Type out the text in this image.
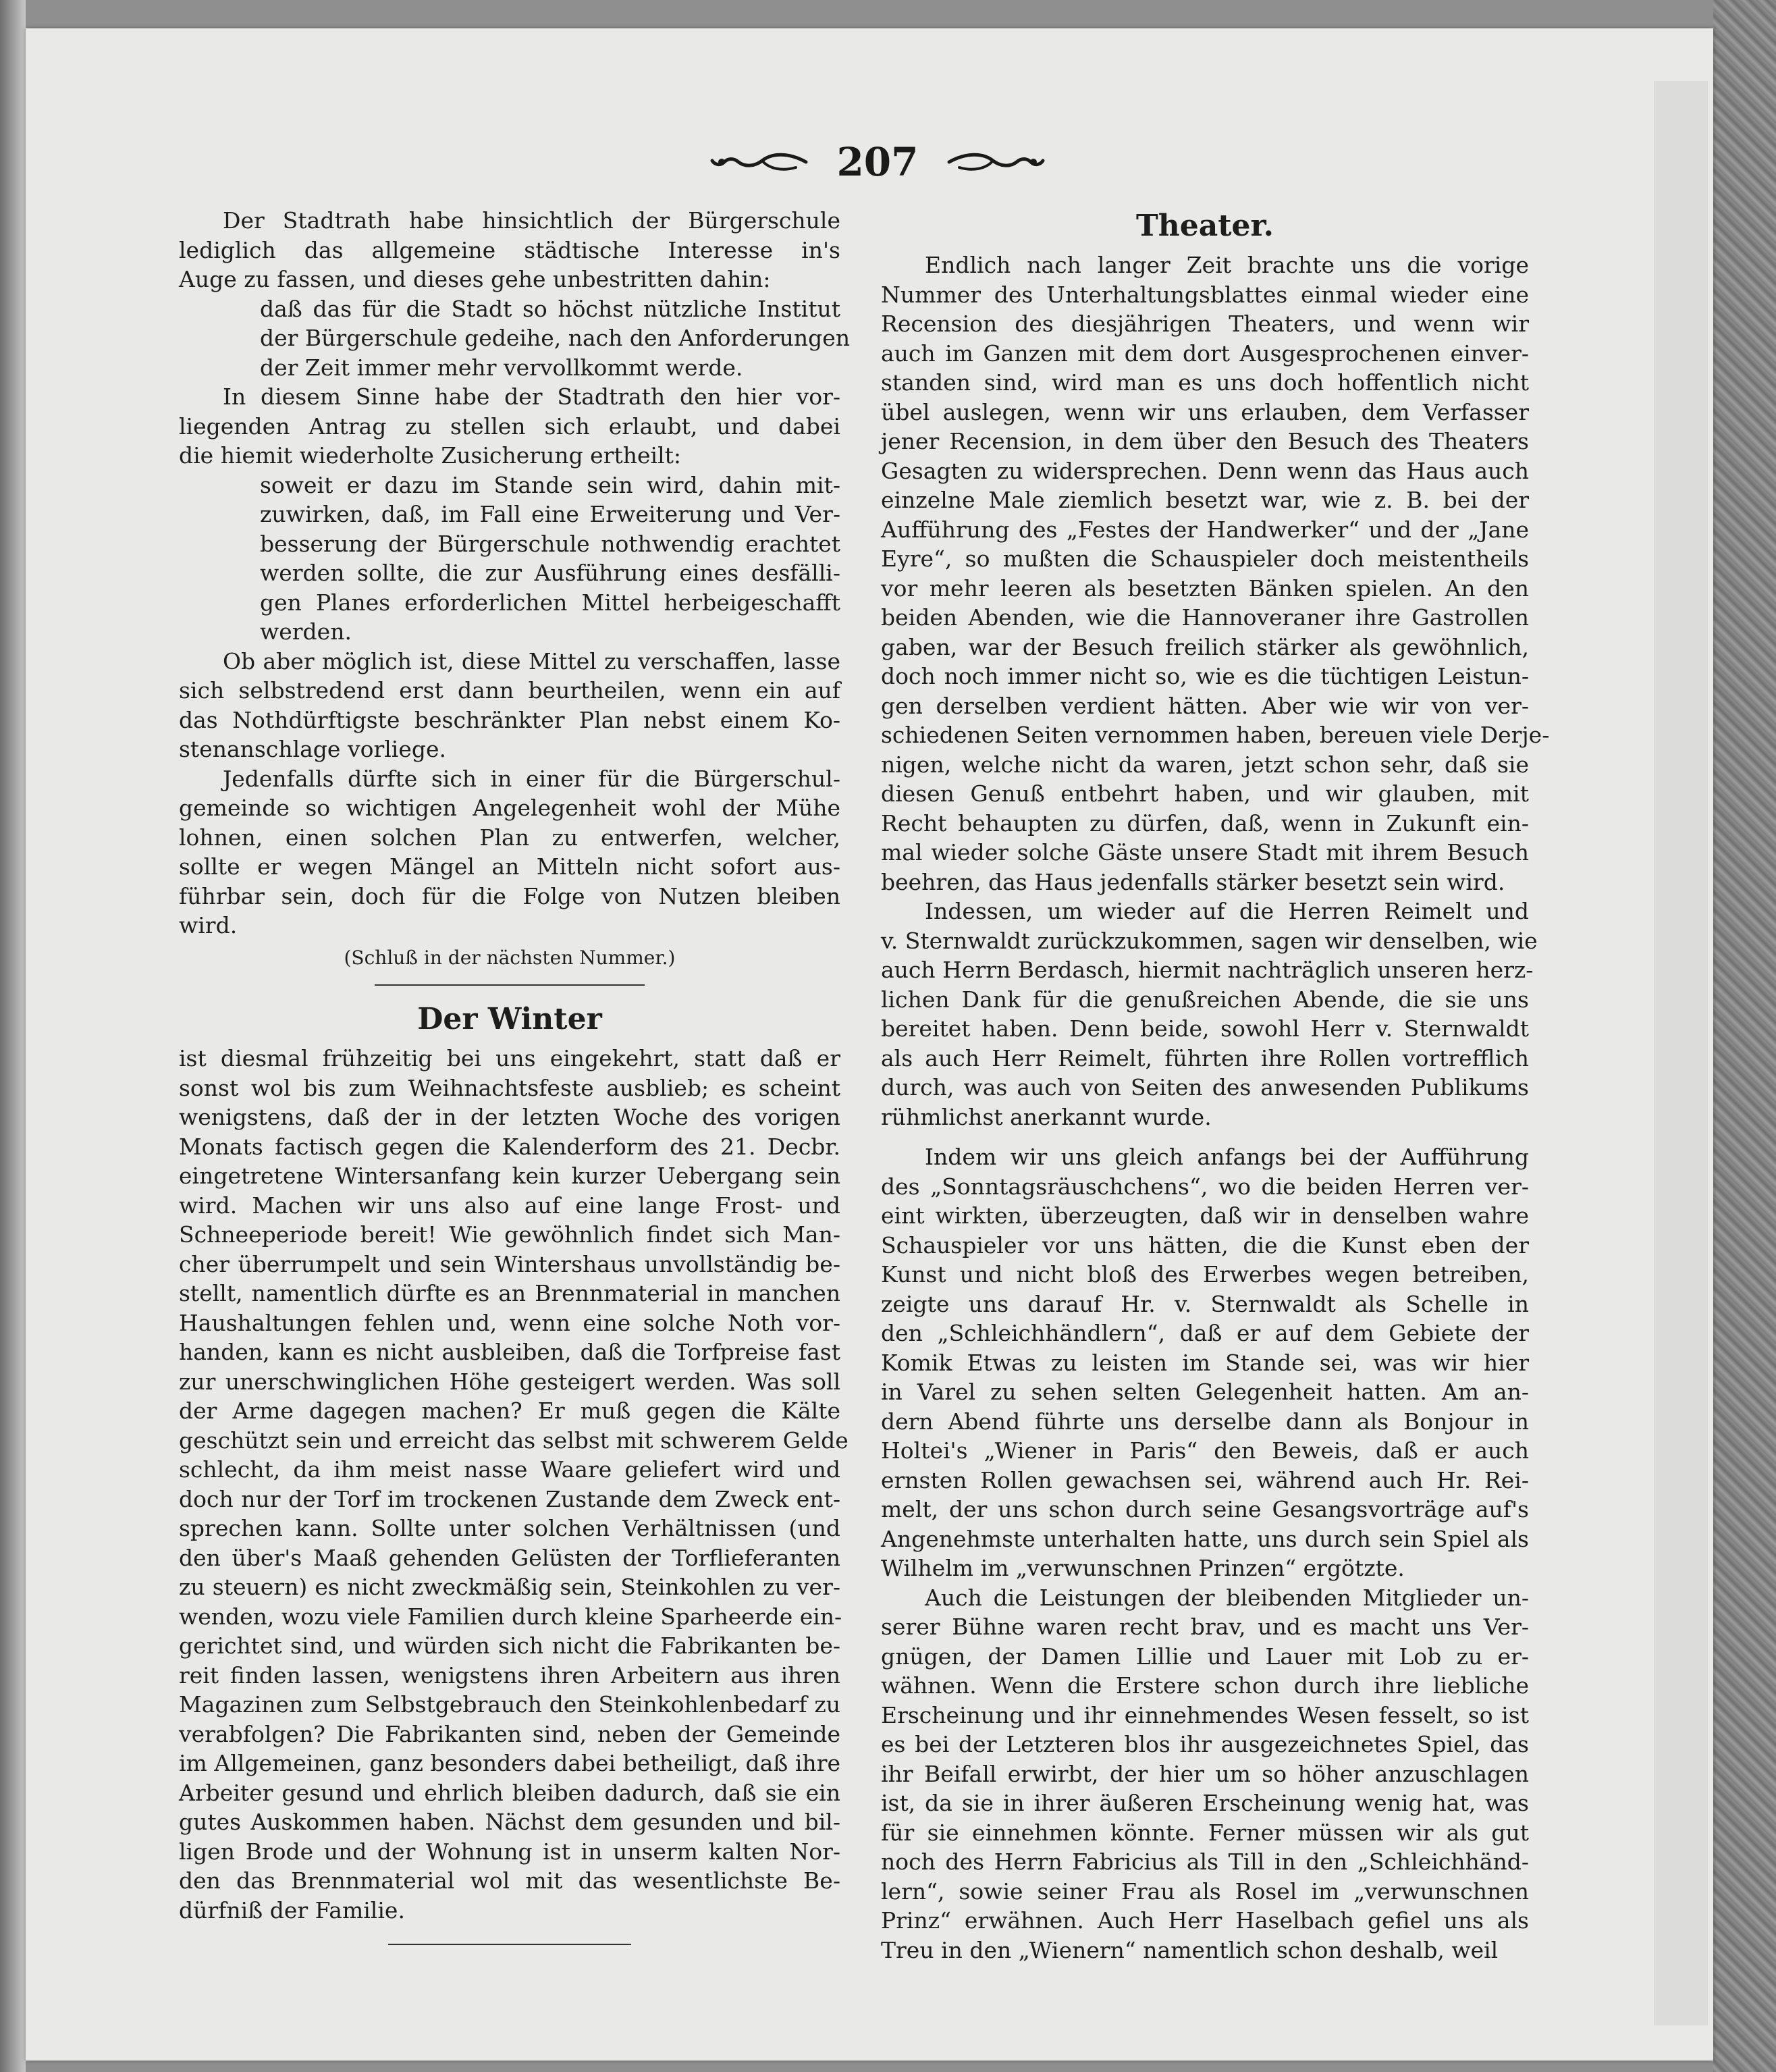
207
Der Stadtrath habe hinsichtlich der Bürgerschule
lediglich das allgemeine städtische Interesse in's
Auge zu fassen, und dieses gehe unbestritten dahin:
daß das für die Stadt so höchst nützliche Institut
der Bürgerschule gedeihe, nach den Anforderungen
der Zeit immer mehr vervollkommt werde.
In diesem Sinne habe der Stadtrath den hier vor-
liegenden Antrag zu stellen sich erlaubt, und dabei
die hiemit wiederholte Zusicherung ertheilt:
soweit er dazu im Stande sein wird, dahin mit-
zuwirken, daß, im Fall eine Erweiterung und Ver-
besserung der Bürgerschule nothwendig erachtet
werden sollte, die zur Ausführung eines desfälli-
gen Planes erforderlichen Mittel herbeigeschafft
werden.
Ob aber möglich ist, diese Mittel zu verschaffen, lasse
sich selbstredend erst dann beurtheilen, wenn ein auf
das Nothdürftigste beschränkter Plan nebst einem Ko-
stenanschlage vorliege.
Jedenfalls dürfte sich in einer für die Bürgerschul-
gemeinde so wichtigen Angelegenheit wohl der Mühe
lohnen, einen solchen Plan zu entwerfen, welcher,
sollte er wegen Mängel an Mitteln nicht sofort aus-
führbar sein, doch für die Folge von Nutzen bleiben
wird.
(Schluß in der nächsten Nummer.)
Der Winter
ist diesmal frühzeitig bei uns eingekehrt, statt daß er
sonst wol bis zum Weihnachtsfeste ausblieb; es scheint
wenigstens, daß der in der letzten Woche des vorigen
Monats factisch gegen die Kalenderform des 21. Decbr.
eingetretene Wintersanfang kein kurzer Uebergang sein
wird. Machen wir uns also auf eine lange Frost- und
Schneeperiode bereit! Wie gewöhnlich findet sich Man-
cher überrumpelt und sein Wintershaus unvollständig be-
stellt, namentlich dürfte es an Brennmaterial in manchen
Haushaltungen fehlen und, wenn eine solche Noth vor-
handen, kann es nicht ausbleiben, daß die Torfpreise fast
zur unerschwinglichen Höhe gesteigert werden. Was soll
der Arme dagegen machen? Er muß gegen die Kälte
geschützt sein und erreicht das selbst mit schwerem Gelde
schlecht, da ihm meist nasse Waare geliefert wird und
doch nur der Torf im trockenen Zustande dem Zweck ent-
sprechen kann. Sollte unter solchen Verhältnissen (und
den über's Maaß gehenden Gelüsten der Torflieferanten
zu steuern) es nicht zweckmäßig sein, Steinkohlen zu ver-
wenden, wozu viele Familien durch kleine Sparheerde ein-
gerichtet sind, und würden sich nicht die Fabrikanten be-
reit finden lassen, wenigstens ihren Arbeitern aus ihren
Magazinen zum Selbstgebrauch den Steinkohlenbedarf zu
verabfolgen? Die Fabrikanten sind, neben der Gemeinde
im Allgemeinen, ganz besonders dabei betheiligt, daß ihre
Arbeiter gesund und ehrlich bleiben dadurch, daß sie ein
gutes Auskommen haben. Nächst dem gesunden und bil-
ligen Brode und der Wohnung ist in unserm kalten Nor-
den das Brennmaterial wol mit das wesentlichste Be-
dürfniß der Familie.
Theater.
Endlich nach langer Zeit brachte uns die vorige
Nummer des Unterhaltungsblattes einmal wieder eine
Recension des diesjährigen Theaters, und wenn wir
auch im Ganzen mit dem dort Ausgesprochenen einver-
standen sind, wird man es uns doch hoffentlich nicht
übel auslegen, wenn wir uns erlauben, dem Verfasser
jener Recension, in dem über den Besuch des Theaters
Gesagten zu widersprechen. Denn wenn das Haus auch
einzelne Male ziemlich besetzt war, wie z. B. bei der
Aufführung des „Festes der Handwerker“ und der „Jane
Eyre“, so mußten die Schauspieler doch meistentheils
vor mehr leeren als besetzten Bänken spielen. An den
beiden Abenden, wie die Hannoveraner ihre Gastrollen
gaben, war der Besuch freilich stärker als gewöhnlich,
doch noch immer nicht so, wie es die tüchtigen Leistun-
gen derselben verdient hätten. Aber wie wir von ver-
schiedenen Seiten vernommen haben, bereuen viele Derje-
nigen, welche nicht da waren, jetzt schon sehr, daß sie
diesen Genuß entbehrt haben, und wir glauben, mit
Recht behaupten zu dürfen, daß, wenn in Zukunft ein-
mal wieder solche Gäste unsere Stadt mit ihrem Besuch
beehren, das Haus jedenfalls stärker besetzt sein wird.
Indessen, um wieder auf die Herren Reimelt und
v. Sternwaldt zurückzukommen, sagen wir denselben, wie
auch Herrn Berdasch, hiermit nachträglich unseren herz-
lichen Dank für die genußreichen Abende, die sie uns
bereitet haben. Denn beide, sowohl Herr v. Sternwaldt
als auch Herr Reimelt, führten ihre Rollen vortrefflich
durch, was auch von Seiten des anwesenden Publikums
rühmlichst anerkannt wurde.
Indem wir uns gleich anfangs bei der Aufführung
des „Sonntagsräuschchens“, wo die beiden Herren ver-
eint wirkten, überzeugten, daß wir in denselben wahre
Schauspieler vor uns hätten, die die Kunst eben der
Kunst und nicht bloß des Erwerbes wegen betreiben,
zeigte uns darauf Hr. v. Sternwaldt als Schelle in
den „Schleichhändlern“, daß er auf dem Gebiete der
Komik Etwas zu leisten im Stande sei, was wir hier
in Varel zu sehen selten Gelegenheit hatten. Am an-
dern Abend führte uns derselbe dann als Bonjour in
Holtei's „Wiener in Paris“ den Beweis, daß er auch
ernsten Rollen gewachsen sei, während auch Hr. Rei-
melt, der uns schon durch seine Gesangsvorträge auf's
Angenehmste unterhalten hatte, uns durch sein Spiel als
Wilhelm im „verwunschnen Prinzen“ ergötzte.
Auch die Leistungen der bleibenden Mitglieder un-
serer Bühne waren recht brav, und es macht uns Ver-
gnügen, der Damen Lillie und Lauer mit Lob zu er-
wähnen. Wenn die Erstere schon durch ihre liebliche
Erscheinung und ihr einnehmendes Wesen fesselt, so ist
es bei der Letzteren blos ihr ausgezeichnetes Spiel, das
ihr Beifall erwirbt, der hier um so höher anzuschlagen
ist, da sie in ihrer äußeren Erscheinung wenig hat, was
für sie einnehmen könnte. Ferner müssen wir als gut
noch des Herrn Fabricius als Till in den „Schleichhänd-
lern“, sowie seiner Frau als Rosel im „verwunschnen
Prinz“ erwähnen. Auch Herr Haselbach gefiel uns als
Treu in den „Wienern“ namentlich schon deshalb, weil
